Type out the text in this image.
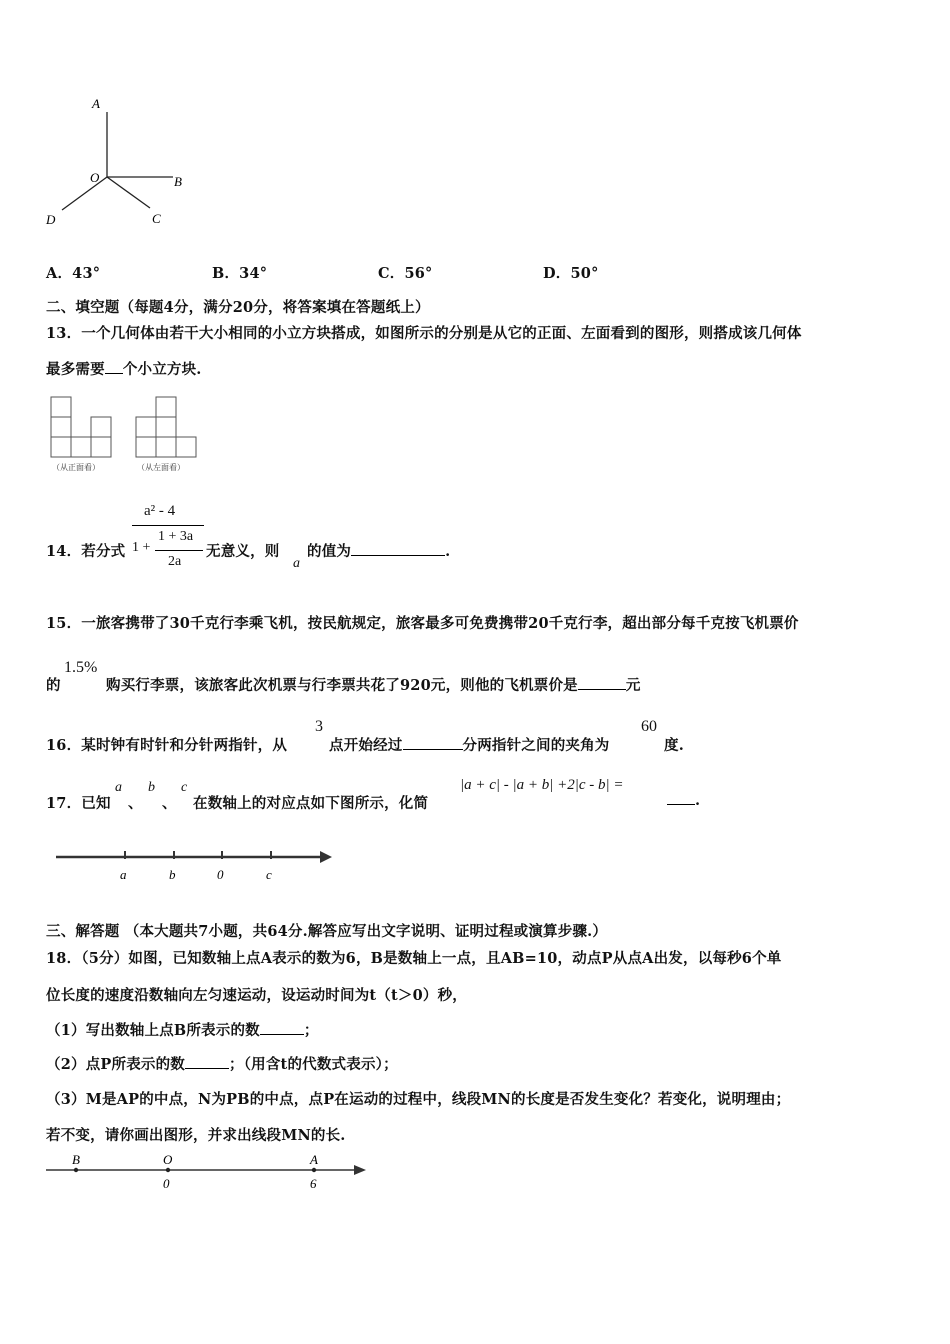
A
O	B
D	C
A．43°	B．34°	C．56°	D．50°
二、填空题（每题4分，满分20分，将答案填在答题纸上）
13．一个几何体由若干大小相同的小立方块搭成，如图所示的分别是从它的正面、左面看到的图形，则搭成该几何体
最多需要 个小立方块.
（从正面看）	（从左面看）
14．若分式
a² - 4
1 +
1 + 3a
2a
无意义，则
a
的值为	.
15．一旅客携带了30千克行李乘飞机，按民航规定，旅客最多可免费携带20千克行李，超出部分每千克按飞机票价
的
1.5%
购买行李票，该旅客此次机票与行李票共花了920元，则他的飞机票价是	元
16．某时钟有时针和分针两指针，从
3
点开始经过	分两指针之间的夹角为
60
度.
17．已知
a
、
b
、
c
在数轴上的对应点如下图所示，化简
|a + c| - |a + b| +2|c - b| =
.
a	b	0	c
三、解答题 （本大题共7小题，共64分.解答应写出文字说明、证明过程或演算步骤.）
18．（5分）如图，已知数轴上点A表示的数为6，B是数轴上一点，且AB=10，动点P从点A出发，以每秒6个单
位长度的速度沿数轴向左匀速运动，设运动时间为t（t＞0）秒，
（1）写出数轴上点B所表示的数	；
（2）点P所表示的数	；（用含t的代数式表示）；
（3）M是AP的中点，N为PB的中点，点P在运动的过程中，线段MN的长度是否发生变化？若变化，说明理由；
若不变，请你画出图形，并求出线段MN的长.
B	O	A
0	6
